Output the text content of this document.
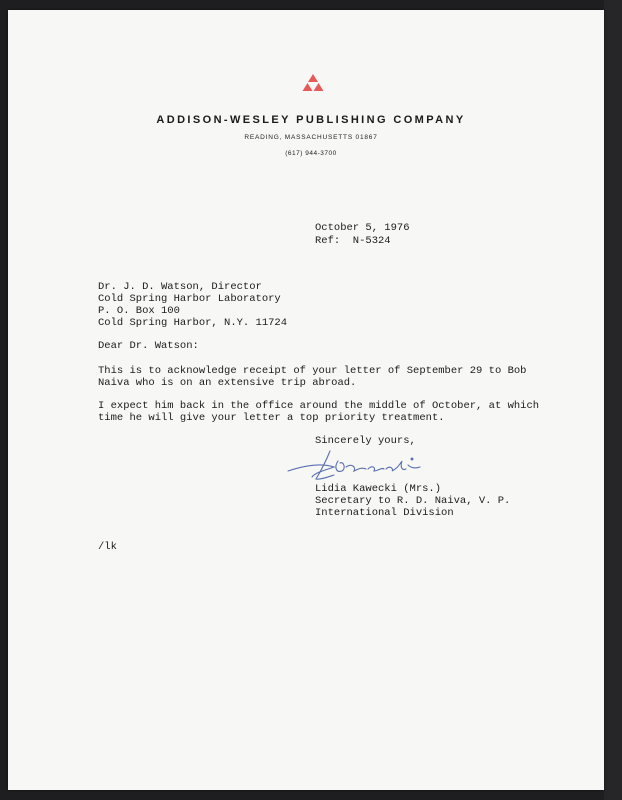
ADDISON-WESLEY PUBLISHING COMPANY
READING, MASSACHUSETTS 01867
(617) 944-3700
October 5, 1976
Ref:  N-5324
Dr. J. D. Watson, Director
Cold Spring Harbor Laboratory
P. O. Box 100
Cold Spring Harbor, N.Y. 11724
Dear Dr. Watson:
This is to acknowledge receipt of your letter of September 29 to Bob
Naiva who is on an extensive trip abroad.
I expect him back in the office around the middle of October, at which
time he will give your letter a top priority treatment.
Sincerely yours,
Lidia Kawecki (Mrs.)
Secretary to R. D. Naiva, V. P.
International Division
/lk
